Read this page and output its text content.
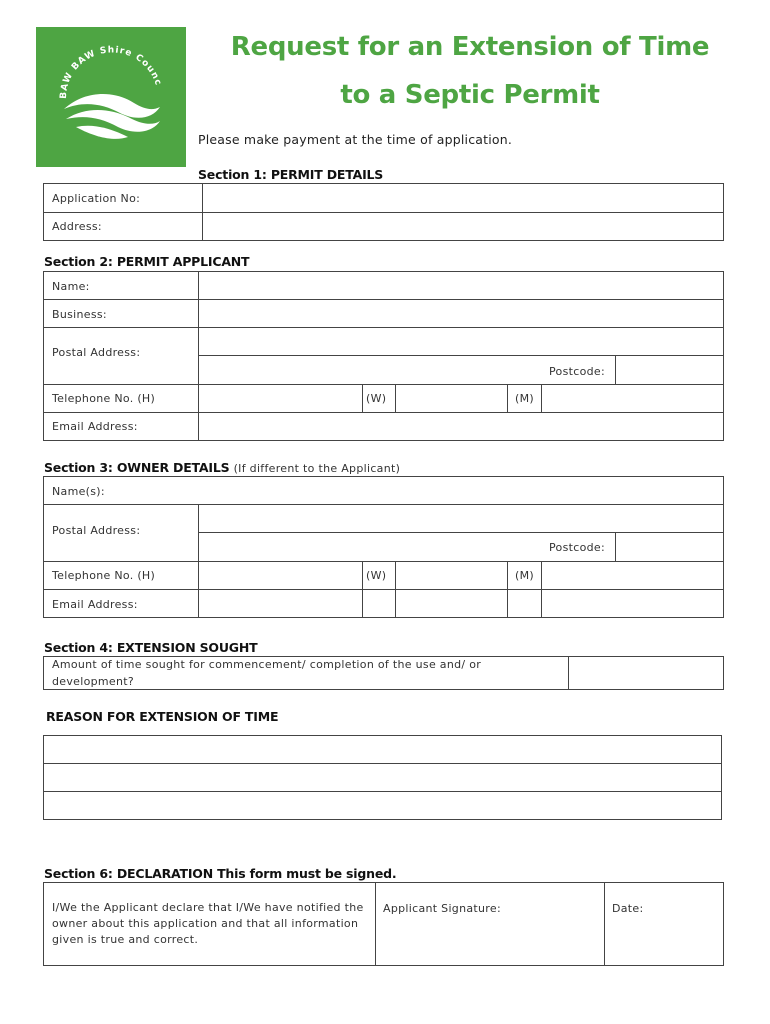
BAW BAW Shire Counc
Request for an Extension of Time
to a Septic Permit
Please make payment at the time of application.
Section 1: PERMIT DETAILS
Application No:
Address:
Section 2: PERMIT APPLICANT
Name:
Business:
Postal Address:
Postcode:
Telephone No. (H)	(W)	(M)
Email Address:
Section 3: OWNER DETAILS (If different to the Applicant)
Name(s):
Postal Address:
Postcode:
Telephone No. (H)	(W)	(M)
Email Address:
Section 4: EXTENSION SOUGHT
Amount of time sought for commencement/ completion of the use and/ or
development?
REASON FOR EXTENSION OF TIME
Section 6: DECLARATION This form must be signed.
I/We the Applicant declare that I/We have notified the
owner about this application and that all information
given is true and correct.
Applicant Signature:	Date:
